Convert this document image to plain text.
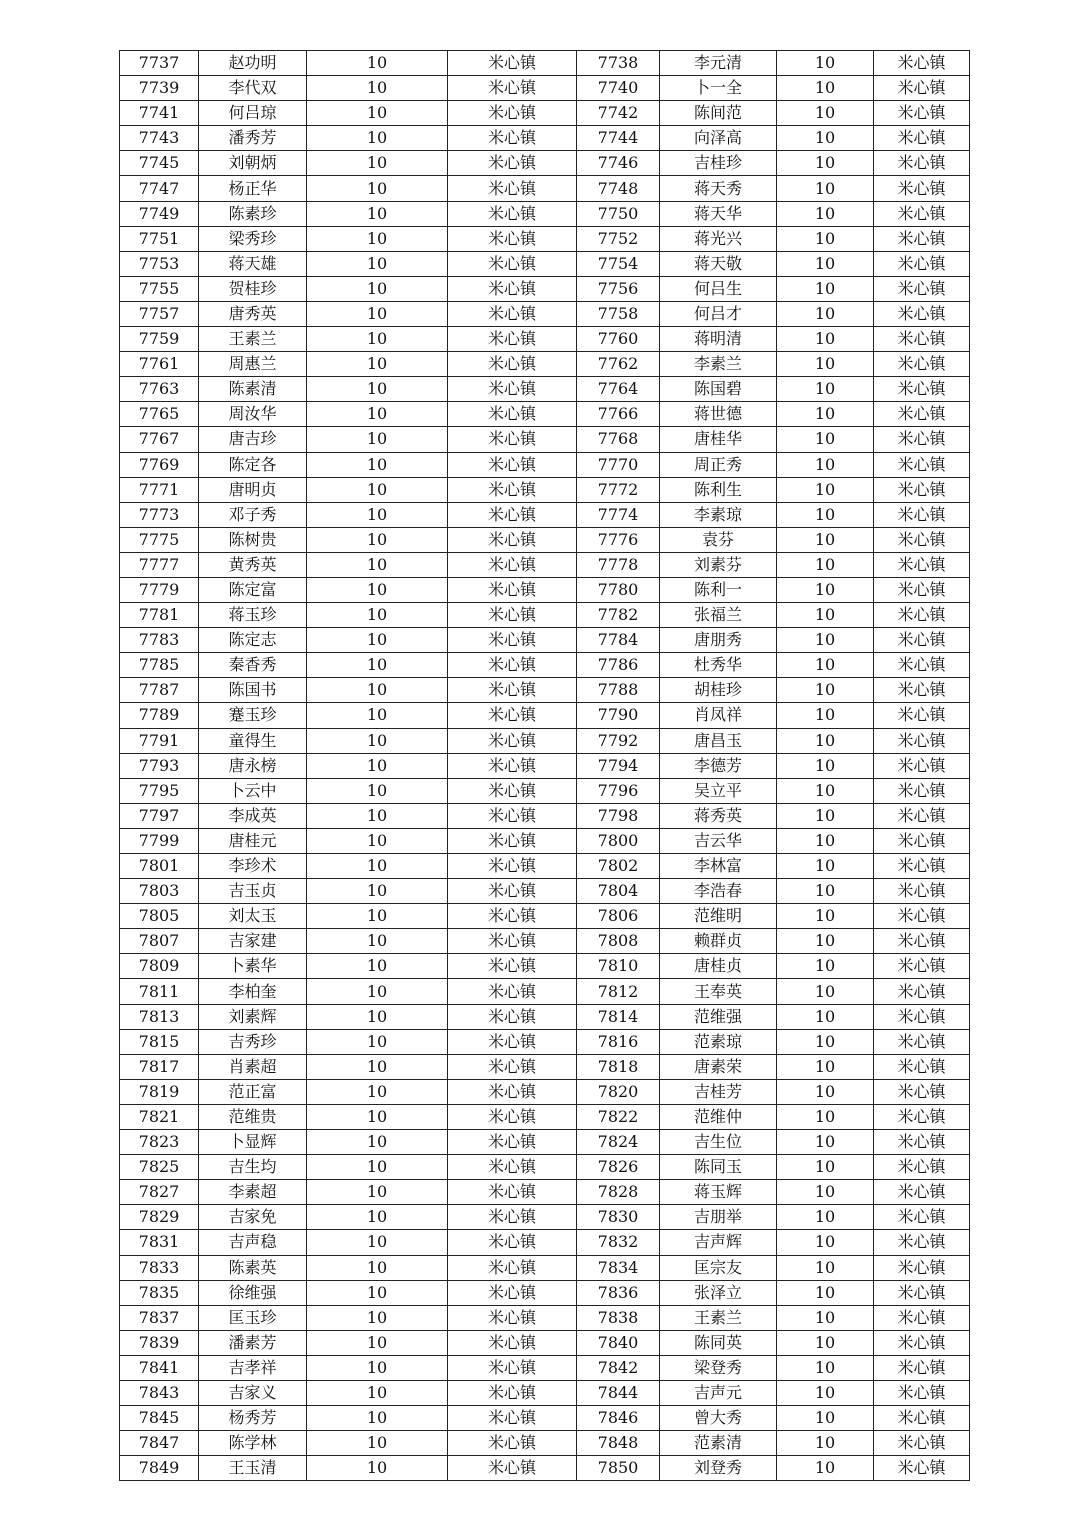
7737	赵功明	10	米心镇	7738	李元清	10	米心镇
7739	李代双	10	米心镇	7740	卜一全	10	米心镇
7741	何吕琼	10	米心镇	7742	陈间范	10	米心镇
7743	潘秀芳	10	米心镇	7744	向泽高	10	米心镇
7745	刘朝炳	10	米心镇	7746	吉桂珍	10	米心镇
7747	杨正华	10	米心镇	7748	蒋天秀	10	米心镇
7749	陈素珍	10	米心镇	7750	蒋天华	10	米心镇
7751	梁秀珍	10	米心镇	7752	蒋光兴	10	米心镇
7753	蒋天雄	10	米心镇	7754	蒋天敬	10	米心镇
7755	贺桂珍	10	米心镇	7756	何吕生	10	米心镇
7757	唐秀英	10	米心镇	7758	何吕才	10	米心镇
7759	王素兰	10	米心镇	7760	蒋明清	10	米心镇
7761	周惠兰	10	米心镇	7762	李素兰	10	米心镇
7763	陈素清	10	米心镇	7764	陈国碧	10	米心镇
7765	周汝华	10	米心镇	7766	蒋世德	10	米心镇
7767	唐吉珍	10	米心镇	7768	唐桂华	10	米心镇
7769	陈定各	10	米心镇	7770	周正秀	10	米心镇
7771	唐明贞	10	米心镇	7772	陈利生	10	米心镇
7773	邓子秀	10	米心镇	7774	李素琼	10	米心镇
7775	陈树贵	10	米心镇	7776	袁芬	10	米心镇
7777	黄秀英	10	米心镇	7778	刘素芬	10	米心镇
7779	陈定富	10	米心镇	7780	陈利一	10	米心镇
7781	蒋玉珍	10	米心镇	7782	张福兰	10	米心镇
7783	陈定志	10	米心镇	7784	唐朋秀	10	米心镇
7785	秦香秀	10	米心镇	7786	杜秀华	10	米心镇
7787	陈国书	10	米心镇	7788	胡桂珍	10	米心镇
7789	蹇玉珍	10	米心镇	7790	肖凤祥	10	米心镇
7791	童得生	10	米心镇	7792	唐昌玉	10	米心镇
7793	唐永榜	10	米心镇	7794	李德芳	10	米心镇
7795	卜云中	10	米心镇	7796	吴立平	10	米心镇
7797	李成英	10	米心镇	7798	蒋秀英	10	米心镇
7799	唐桂元	10	米心镇	7800	吉云华	10	米心镇
7801	李珍术	10	米心镇	7802	李林富	10	米心镇
7803	吉玉贞	10	米心镇	7804	李浩春	10	米心镇
7805	刘太玉	10	米心镇	7806	范维明	10	米心镇
7807	吉家建	10	米心镇	7808	赖群贞	10	米心镇
7809	卜素华	10	米心镇	7810	唐桂贞	10	米心镇
7811	李柏奎	10	米心镇	7812	王奉英	10	米心镇
7813	刘素辉	10	米心镇	7814	范维强	10	米心镇
7815	吉秀珍	10	米心镇	7816	范素琼	10	米心镇
7817	肖素超	10	米心镇	7818	唐素荣	10	米心镇
7819	范正富	10	米心镇	7820	吉桂芳	10	米心镇
7821	范维贵	10	米心镇	7822	范维仲	10	米心镇
7823	卜显辉	10	米心镇	7824	吉生位	10	米心镇
7825	吉生均	10	米心镇	7826	陈同玉	10	米心镇
7827	李素超	10	米心镇	7828	蒋玉辉	10	米心镇
7829	吉家免	10	米心镇	7830	吉朋举	10	米心镇
7831	吉声稳	10	米心镇	7832	吉声辉	10	米心镇
7833	陈素英	10	米心镇	7834	匡宗友	10	米心镇
7835	徐维强	10	米心镇	7836	张泽立	10	米心镇
7837	匡玉珍	10	米心镇	7838	王素兰	10	米心镇
7839	潘素芳	10	米心镇	7840	陈同英	10	米心镇
7841	吉孝祥	10	米心镇	7842	梁登秀	10	米心镇
7843	吉家义	10	米心镇	7844	吉声元	10	米心镇
7845	杨秀芳	10	米心镇	7846	曾大秀	10	米心镇
7847	陈学林	10	米心镇	7848	范素清	10	米心镇
7849	王玉清	10	米心镇	7850	刘登秀	10	米心镇
